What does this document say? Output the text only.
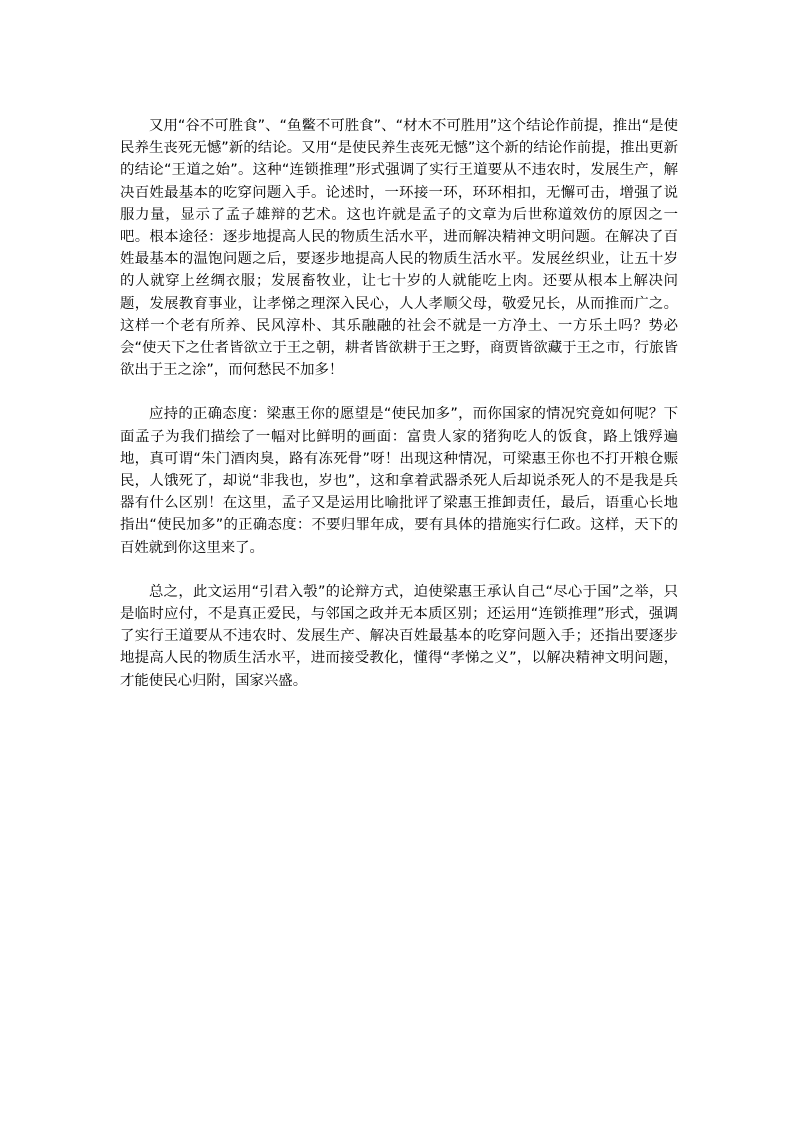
又用“谷不可胜食”、“鱼鳖不可胜食”、“材木不可胜用”这个结论作前提，推出“是使民养生丧死无憾”新的结论。又用“是使民养生丧死无憾”这个新的结论作前提，推出更新的结论“王道之始”。这种“连锁推理”形式强调了实行王道要从不违农时，发展生产，解决百姓最基本的吃穿问题入手。论述时，一环接一环，环环相扣，无懈可击，增强了说服力量，显示了孟子雄辩的艺术。这也许就是孟子的文章为后世称道效仿的原因之一吧。根本途径：逐步地提高人民的物质生活水平，进而解决精神文明问题。在解决了百姓最基本的温饱问题之后，要逐步地提高人民的物质生活水平。发展丝织业，让五十岁的人就穿上丝绸衣服；发展畜牧业，让七十岁的人就能吃上肉。还要从根本上解决问题，发展教育事业，让孝悌之理深入民心，人人孝顺父母，敬爱兄长，从而推而广之。这样一个老有所养、民风淳朴、其乐融融的社会不就是一方净土、一方乐土吗？势必会“使天下之仕者皆欲立于王之朝，耕者皆欲耕于王之野，商贾皆欲藏于王之市，行旅皆欲出于王之涂”，而何愁民不加多！

应持的正确态度：梁惠王你的愿望是“使民加多”，而你国家的情况究竟如何呢？下面孟子为我们描绘了一幅对比鲜明的画面：富贵人家的猪狗吃人的饭食，路上饿殍遍地，真可谓“朱门酒肉臭，路有冻死骨”呀！出现这种情况，可梁惠王你也不打开粮仓赈民，人饿死了，却说“非我也，岁也”，这和拿着武器杀死人后却说杀死人的不是我是兵器有什么区别！在这里，孟子又是运用比喻批评了梁惠王推卸责任，最后，语重心长地指出“使民加多”的正确态度：不要归罪年成，要有具体的措施实行仁政。这样，天下的百姓就到你这里来了。

总之，此文运用“引君入彀”的论辩方式，迫使梁惠王承认自己“尽心于国”之举，只是临时应付，不是真正爱民，与邻国之政并无本质区别；还运用“连锁推理”形式，强调了实行王道要从不违农时、发展生产、解决百姓最基本的吃穿问题入手；还指出要逐步地提高人民的物质生活水平，进而接受教化，懂得“孝悌之义”，以解决精神文明问题，才能使民心归附，国家兴盛。
